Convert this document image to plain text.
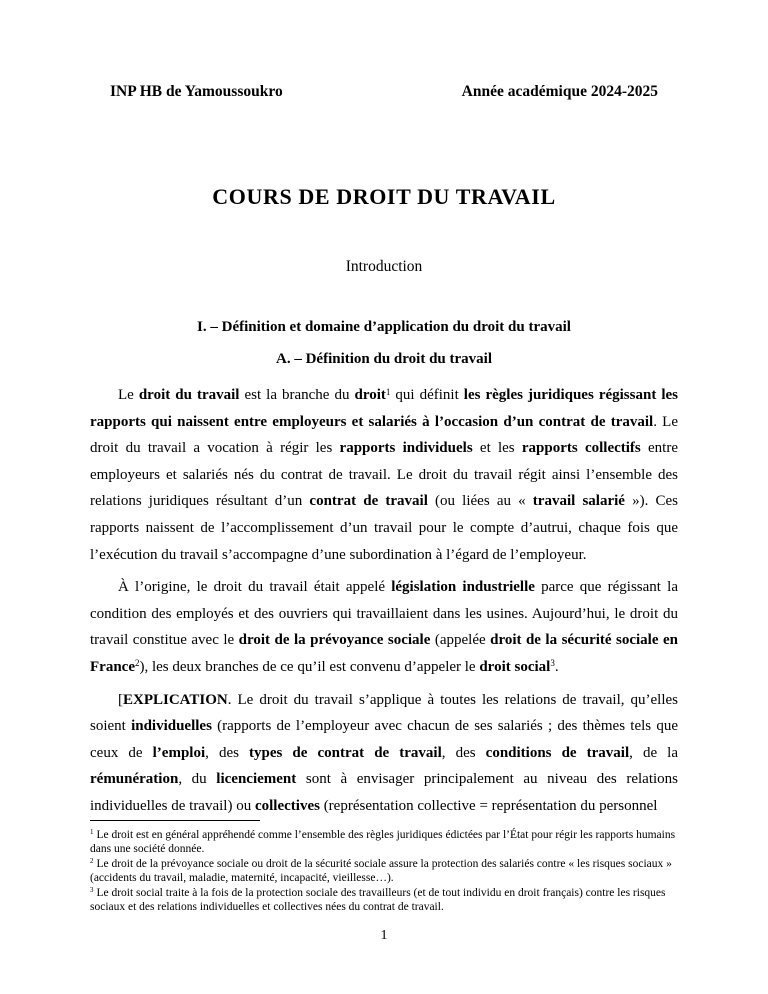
INP HB de Yamoussoukro	Année académique 2024-2025
COURS DE DROIT DU TRAVAIL
Introduction
I. – Définition et domaine d’application du droit du travail
A. – Définition du droit du travail

Le droit du travail est la branche du droit$^1$ qui définit les règles juridiques régissant les rapports qui naissent entre employeurs et salariés à l’occasion d’un contrat de travail. Le droit du travail a vocation à régir les rapports individuels et les rapports collectifs entre employeurs et salariés nés du contrat de travail. Le droit du travail régit ainsi l’ensemble des relations juridiques résultant d’un contrat de travail (ou liées au « travail salarié »). Ces rapports naissent de l’accomplissement d’un travail pour le compte d’autrui, chaque fois que l’exécution du travail s’accompagne d’une subordination à l’égard de l’employeur.

À l’origine, le droit du travail était appelé législation industrielle parce que régissant la condition des employés et des ouvriers qui travaillaient dans les usines. Aujourd’hui, le droit du travail constitue avec le droit de la prévoyance sociale (appelée droit de la sécurité sociale en France$^2$), les deux branches de ce qu’il est convenu d’appeler le droit social$^3$.

[EXPLICATION. Le droit du travail s’applique à toutes les relations de travail, qu’elles soient individuelles (rapports de l’employeur avec chacun de ses salariés ; des thèmes tels que ceux de l’emploi, des types de contrat de travail, des conditions de travail, de la rémunération, du licenciement sont à envisager principalement au niveau des relations individuelles de travail) ou collectives (représentation collective = représentation du personnel

$^1$ Le droit est en général appréhendé comme l’ensemble des règles juridiques édictées par l’État pour régir les rapports humains dans une société donnée.
$^2$ Le droit de la prévoyance sociale ou droit de la sécurité sociale assure la protection des salariés contre « les risques sociaux » (accidents du travail, maladie, maternité, incapacité, vieillesse…).
$^3$ Le droit social traite à la fois de la protection sociale des travailleurs (et de tout individu en droit français) contre les risques sociaux et des relations individuelles et collectives nées du contrat de travail.
1
